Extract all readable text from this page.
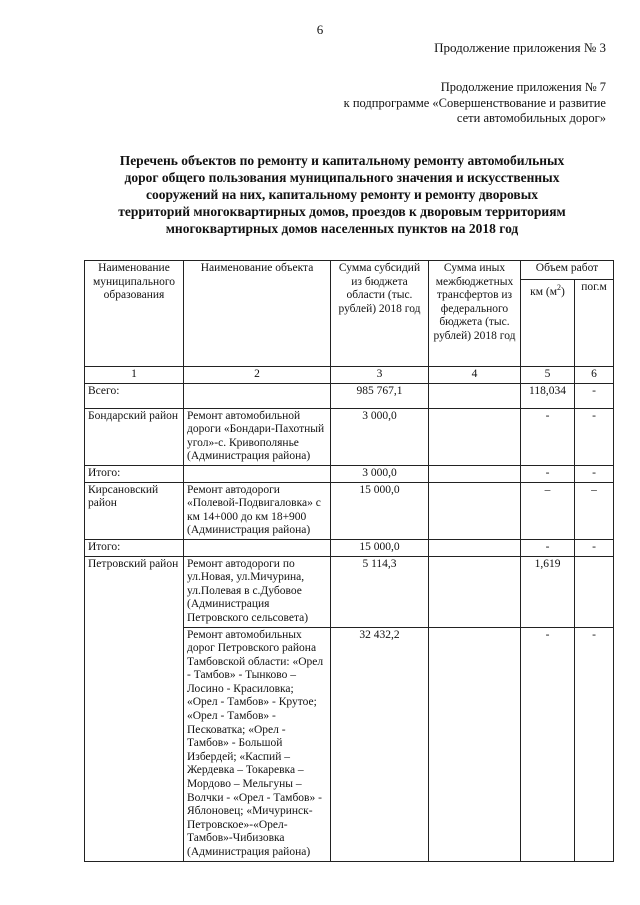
6
Продолжение приложения № 3
Продолжение приложения № 7
к подпрограмме «Совершенствование и развитие
сети автомобильных дорог»
Перечень объектов по ремонту и капитальному ремонту автомобильных
дорог общего пользования муниципального значения и искусственных
сооружений на них, капитальному ремонту и ремонту дворовых
территорий многоквартирных домов, проездов к дворовым территориям
многоквартирных домов населенных пунктов на 2018 год
Наименование муниципального образования	Наименование объекта	Сумма субсидий из бюджета области (тыс. рублей) 2018 год	Сумма иных межбюджетных трансфертов из федерального бюджета (тыс. рублей) 2018 год	Объем работ	
				км $(м^2)$	пог.м
1	2	3	4	5	6
Всего:		985 767,1		118,034	-
Бондарский район	Ремонт автомобильной дороги «Бондари-Пахотный угол»-с. Кривополянье (Администрация района)	3 000,0		-	-
Итого:		3 000,0		-	-
Кирсановский район	Ремонт автодороги «Полевой-Подвигаловка» с км 14+000 до км 18+900 (Администрация района)	15 000,0		–	–
Итого:		15 000,0		-	-
Петровский район	Ремонт автодороги по ул.Новая, ул.Мичурина, ул.Полевая в с.Дубовое (Администрация Петровского сельсовета)	5 114,3		1,619	
	Ремонт автомобильных дорог Петровского района Тамбовской области: «Орел - Тамбов» - Тынково – Лосино - Красиловка; «Орел - Тамбов» - Крутое; «Орел - Тамбов» - Песковатка; «Орел - Тамбов» - Большой Избердей; «Каспий – Жердевка – Токаревка – Мордово – Мельгуны – Волчки - «Орел - Тамбов» - Яблоновец; «Мичуринск-Петровское»-«Орел-Тамбов»-Чибизовка (Администрация района)	32 432,2		-	-
